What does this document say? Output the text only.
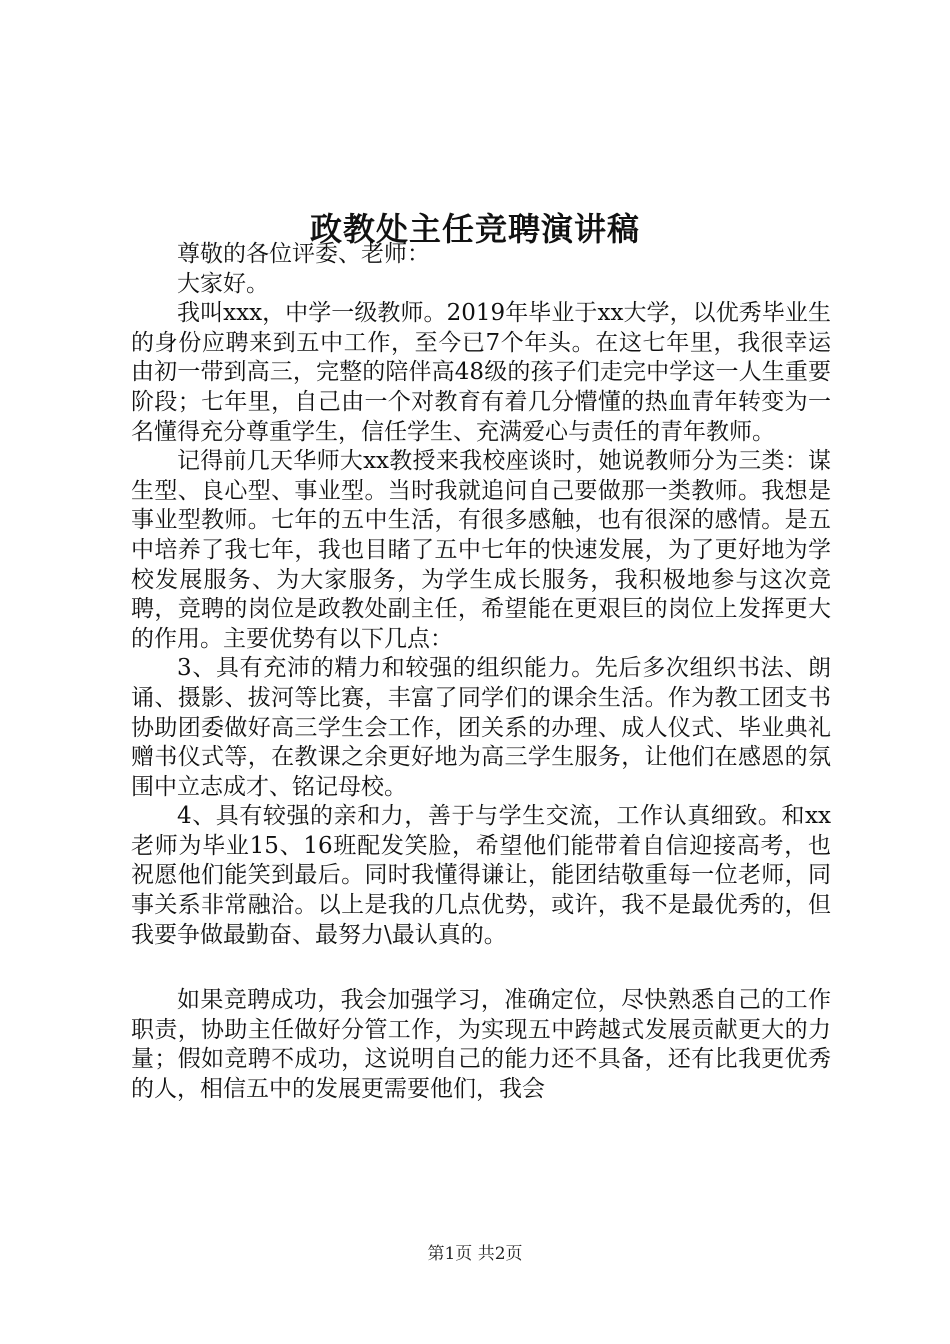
政教处主任竞聘演讲稿

尊敬的各位评委、老师：

大家好。

我叫xxx，中学一级教师。2019年毕业于xx大学，以优秀毕业生的身份应聘来到五中工作，至今已7个年头。在这七年里，我很幸运由初一带到高三，完整的陪伴高48级的孩子们走完中学这一人生重要阶段；七年里，自己由一个对教育有着几分懵懂的热血青年转变为一名懂得充分尊重学生，信任学生、充满爱心与责任的青年教师。

记得前几天华师大xx教授来我校座谈时，她说教师分为三类：谋生型、良心型、事业型。当时我就追问自己要做那一类教师。我想是事业型教师。七年的五中生活，有很多感触，也有很深的感情。是五中培养了我七年，我也目睹了五中七年的快速发展，为了更好地为学校发展服务、为大家服务，为学生成长服务，我积极地参与这次竞聘，竞聘的岗位是政教处副主任，希望能在更艰巨的岗位上发挥更大的作用。主要优势有以下几点：

3、具有充沛的精力和较强的组织能力。先后多次组织书法、朗诵、摄影、拔河等比赛，丰富了同学们的课余生活。作为教工团支书协助团委做好高三学生会工作，团关系的办理、成人仪式、毕业典礼赠书仪式等，在教课之余更好地为高三学生服务，让他们在感恩的氛围中立志成才、铭记母校。

4、具有较强的亲和力，善于与学生交流，工作认真细致。和xx老师为毕业15、16班配发笑脸，希望他们能带着自信迎接高考，也祝愿他们能笑到最后。同时我懂得谦让，能团结敬重每一位老师，同事关系非常融洽。以上是我的几点优势，或许，我不是最优秀的，但我要争做最勤奋、最努力\最认真的。

如果竞聘成功，我会加强学习，准确定位，尽快熟悉自己的工作职责，协助主任做好分管工作，为实现五中跨越式发展贡献更大的力量；假如竞聘不成功，这说明自己的能力还不具备，还有比我更优秀的人，相信五中的发展更需要他们，我会

第1页 共2页
